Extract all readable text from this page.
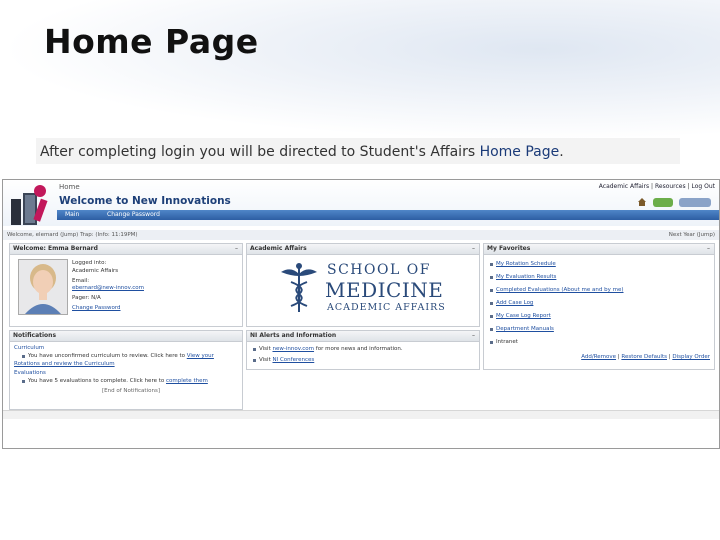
Home Page
After completing login you will be directed to Student's Affairs Home Page.
Home
Welcome to New Innovations
Academic Affairs | Resources | Log Out
Main	Change Password
Welcome, elemard (Jump) Trap: (Info: 11:19PM)	Next Year (Jump)
Welcome: Emma Bernard	–
Logged into:
Academic Affairs
Email:
ebernard@new-innov.com
Pager: N/A
Change Password
Notifications
Curriculum
You have unconfirmed curriculum to review. Click here to View your
Rotations and review the Curriculum
Evaluations
You have 5 evaluations to complete. Click here to complete them
[End of Notifications]
Academic Affairs	–
SCHOOL OF
MEDICINE
ACADEMIC AFFAIRS
NI Alerts and Information	–
Visit new-innov.com for more news and information.
Visit NI Conferences
My Favorites	–
My Rotation Schedule
My Evaluation Results
Completed Evaluations (About me and by me)
Add Case Log
My Case Log Report
Department Manuals
Intranet
Add/Remove | Restore Defaults | Display Order
